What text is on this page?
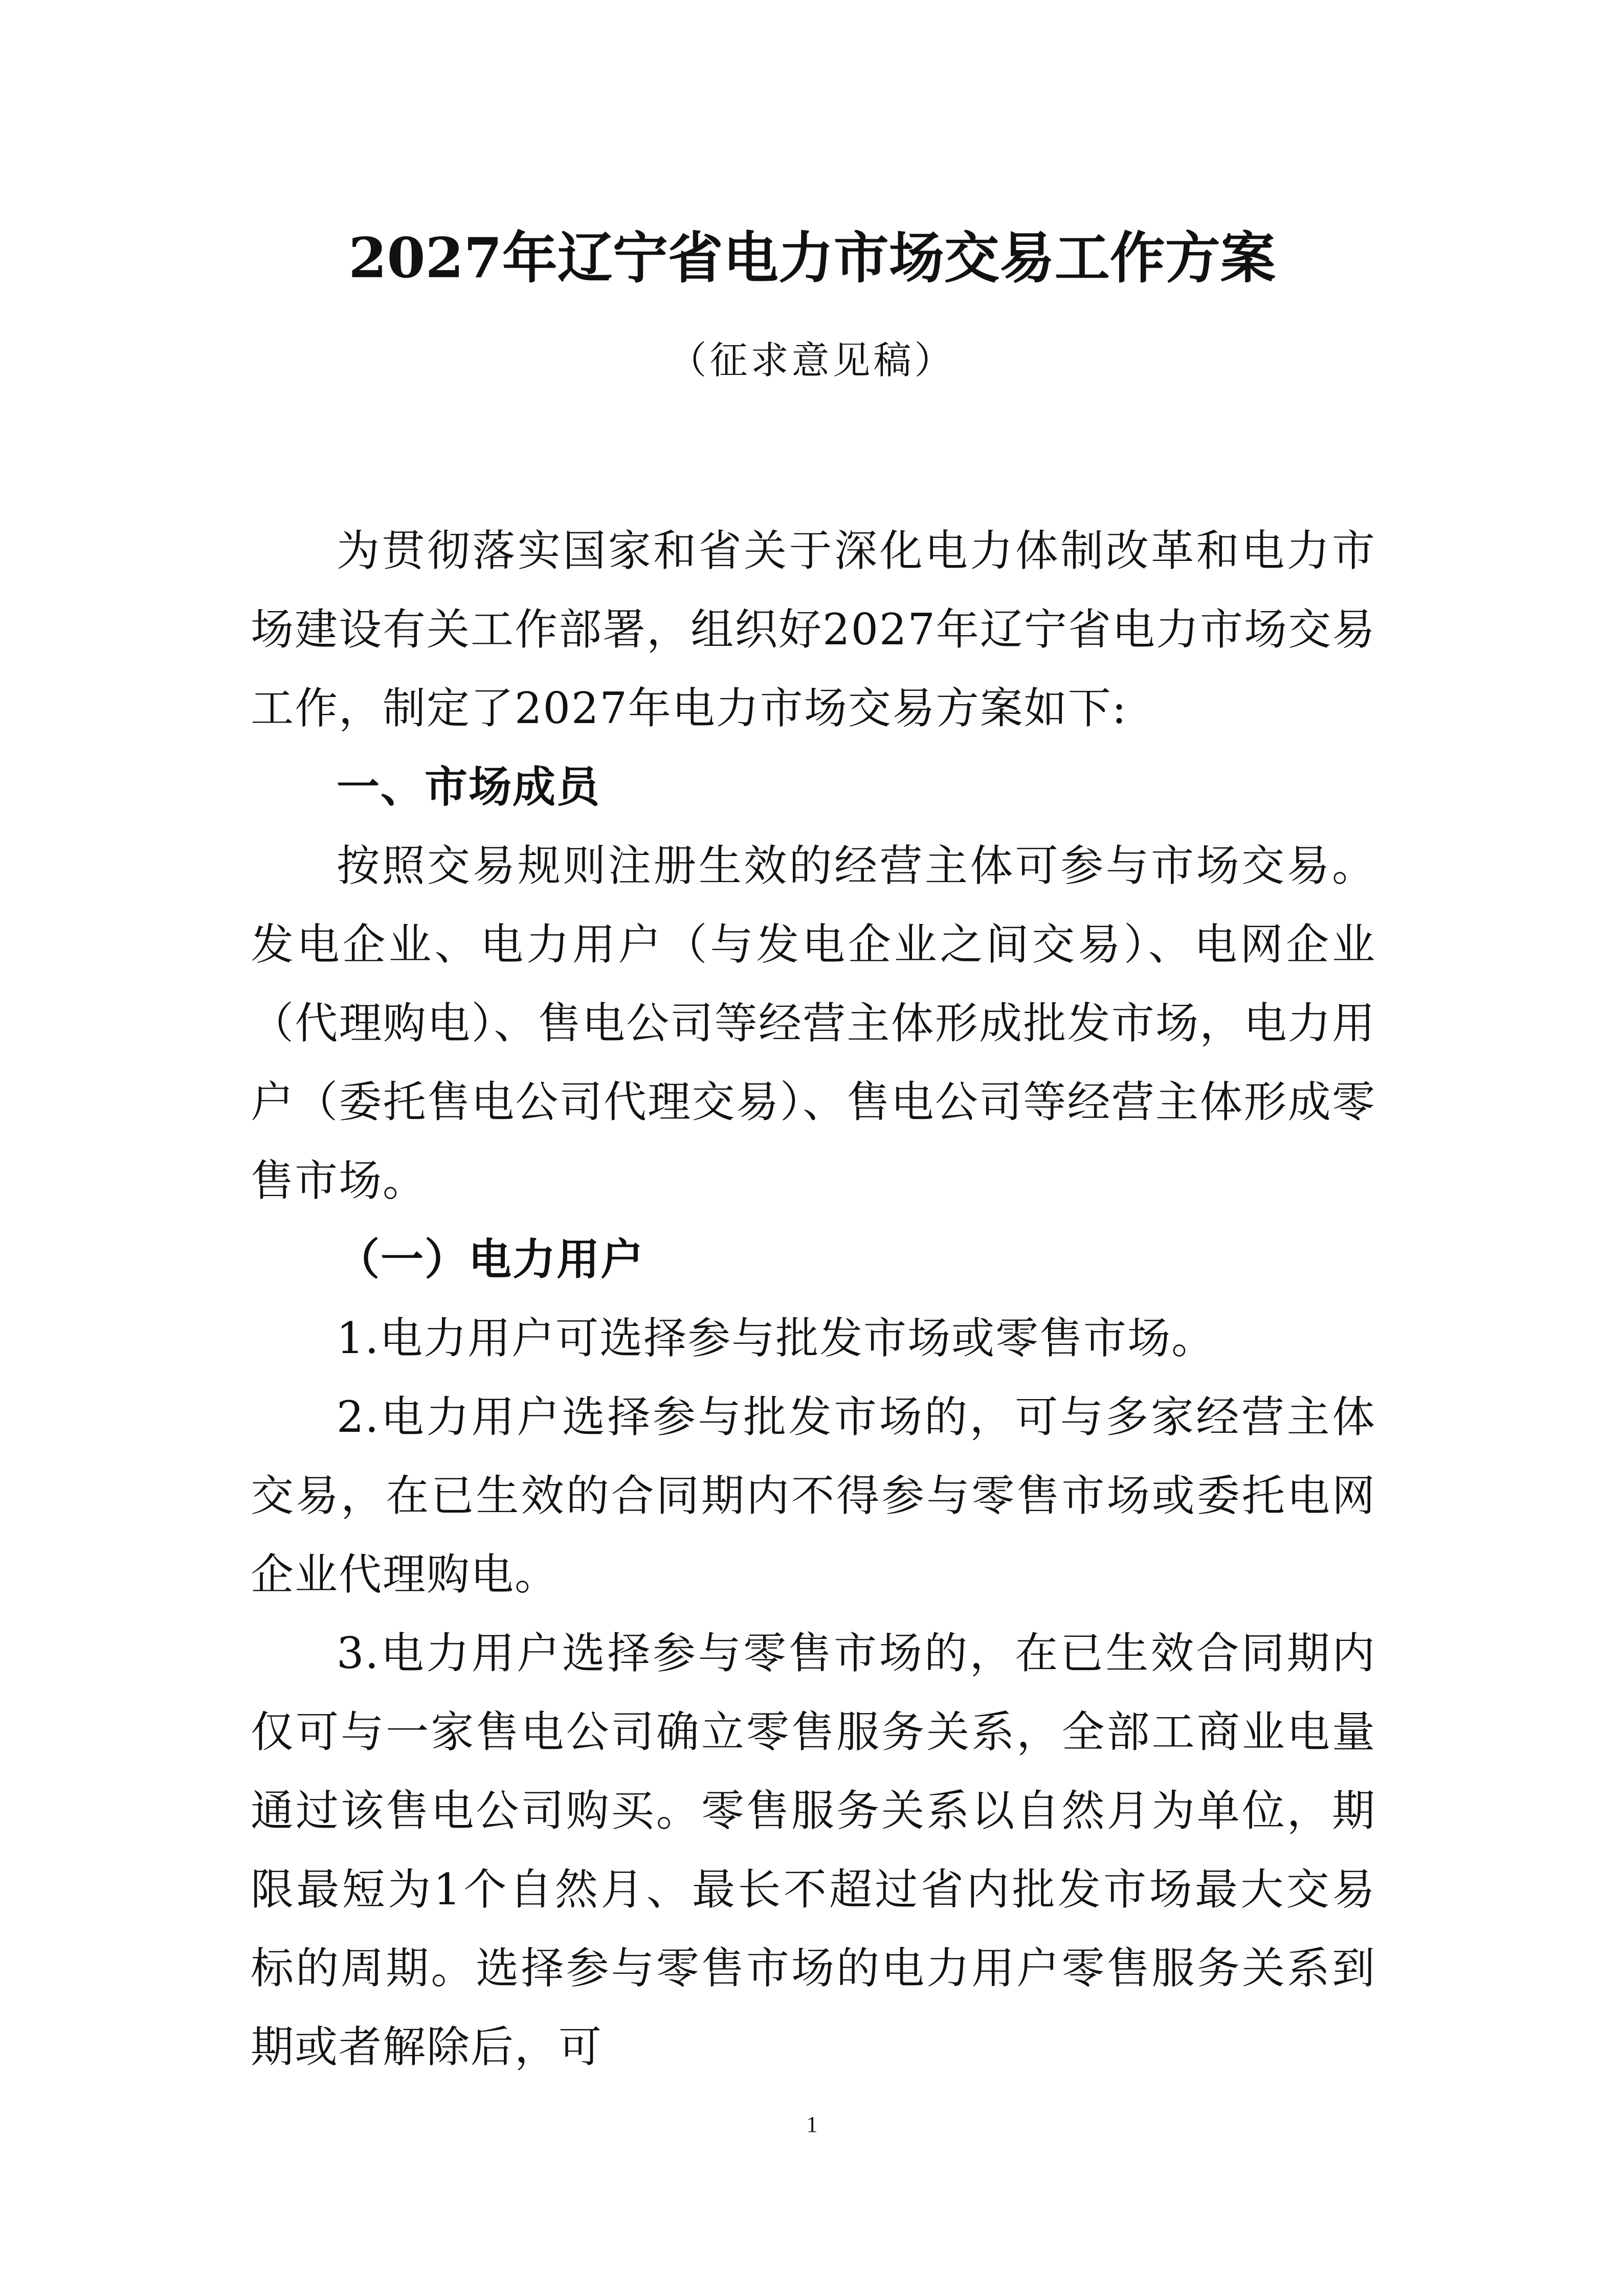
2027年辽宁省电力市场交易工作方案
（征求意见稿）

为贯彻落实国家和省关于深化电力体制改革和电力市场建设有关工作部署，组织好2027年辽宁省电力市场交易工作，制定了2027年电力市场交易方案如下:

一、市场成员

按照交易规则注册生效的经营主体可参与市场交易。发电企业、电力用户（与发电企业之间交易）、电网企业（代理购电）、售电公司等经营主体形成批发市场，电力用户（委托售电公司代理交易）、售电公司等经营主体形成零售市场。

（一）电力用户

1.电力用户可选择参与批发市场或零售市场。

2.电力用户选择参与批发市场的，可与多家经营主体交易，在已生效的合同期内不得参与零售市场或委托电网企业代理购电。

3.电力用户选择参与零售市场的，在已生效合同期内仅可与一家售电公司确立零售服务关系，全部工商业电量通过该售电公司购买。零售服务关系以自然月为单位，期限最短为1个自然月、最长不超过省内批发市场最大交易标的周期。选择参与零售市场的电力用户零售服务关系到期或者解除后，可

1
